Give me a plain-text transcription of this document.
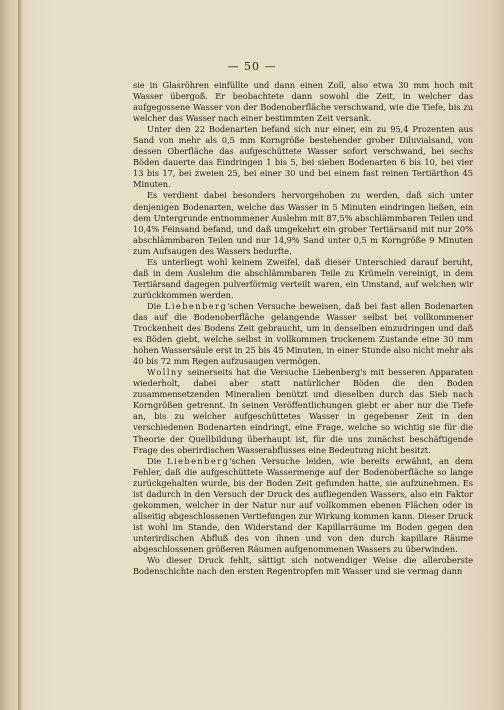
— 50 —

sie in Glasröhren einfüllte und dann einen Zoll, also etwa 30 mm hoch mit Wasser übergoß. Er beobachtete dann sowohl die Zeit, in welcher das aufgegossene Wasser von der Bodenoberfläche verschwand, wie die Tiefe, bis zu welcher das Wasser nach einer bestimmten Zeit versank.

Unter den 22 Bodenarten befand sich nur einer, ein zu 95,4 Prozenten aus Sand von mehr als 0,5 mm Korngröße bestehender grober Diluvialsand, von dessen Oberfläche das aufgeschüttete Wasser sofort verschwand, bei sechs Böden dauerte das Eindringen 1 bis 5, bei sieben Bodenarten 6 bis 10, bei vier 13 bis 17, bei zweien 25, bei einer 30 und bei einem fast reinen Tertiärthon 45 Minuten.

Es verdient dabei besonders hervorgehoben zu werden, daß sich unter denjenigen Bodenarten, welche das Wasser in 5 Minuten eindringen ließen, ein dem Untergrunde entnommener Auslehm mit 87,5% abschlämmbaren Teilen und 10,4% Feinsand befand, und daß umgekehrt ein grober Tertiärsand mit nur 20% abschlämmbaren Teilen und nur 14,9% Sand unter 0,5 m Korngröße 9 Minuten zum Aufsaugen des Wassers bedurfte.

Es unterliegt wohl keinem Zweifel, daß dieser Unterschied darauf beruht, daß in dem Auslehm die abschlämmbaren Teile zu Krümeln vereinigt, in dem Tertiärsand dagegen pulverförmig verteilt waren, ein Umstand, auf welchen wir zurückkommen werden.

Die Liebenberg'schen Versuche beweisen, daß bei fast allen Bodenarten das auf die Bodenoberfläche gelangende Wasser selbst bei vollkommener Trockenheit des Bodens Zeit gebraucht, um in denselben einzudringen und daß es Böden giebt, welche selbst in vollkommen trockenem Zustande eine 30 mm hohen Wassersäule erst in 25 bis 45 Minuten, in einer Stunde also nicht mehr als 40 bis 72 mm Regen aufzusaugen vermögen.

Wollny seinerseits hat die Versuche Liebenberg's mit besseren Apparaten wiederholt, dabei aber statt natürlicher Böden die den Boden zusammensetzenden Mineralien benützt und dieselben durch das Sieb nach Korngrößen getrennt. In seinen Veröffentlichungen giebt er aber nur die Tiefe an, bis zu welcher aufgeschüttetes Wasser in gegebener Zeit in den verschiedenen Bodenarten eindringt, eine Frage, welche so wichtig sie für die Theorie der Quellbildung überhaupt ist, für die uns zunächst beschäftigende Frage des oberirdischen Wasserabflusses eine Bedeutung nicht besitzt.

Die Liebenberg'schen Versuche leiden, wie bereits erwähnt, an dem Fehler, daß die aufgeschüttete Wassermenge auf der Bodenoberfläche so lange zurückgehalten wurde, bis der Boden Zeit gefunden hatte, sie aufzunehmen. Es ist dadurch in den Versuch der Druck des aufliegenden Wassers, also ein Faktor gekommen, welcher in der Natur nur auf vollkommen ebenen Flächen oder in allseitig abgeschlossenen Vertiefungen zur Wirkung kommen kann. Dieser Druck ist wohl im Stande, den Widerstand der Kapillarräume im Boden gegen den unterirdischen Abfluß des von ihnen und von den durch kapillare Räume abgeschlossenen größeren Räumen aufgenommenen Wassers zu überwinden.

Wo dieser Druck fehlt, sättigt sich notwendiger Weise die alleroberste Bodenschichte nach den ersten Regentropfen mit Wasser und sie vermag dann
